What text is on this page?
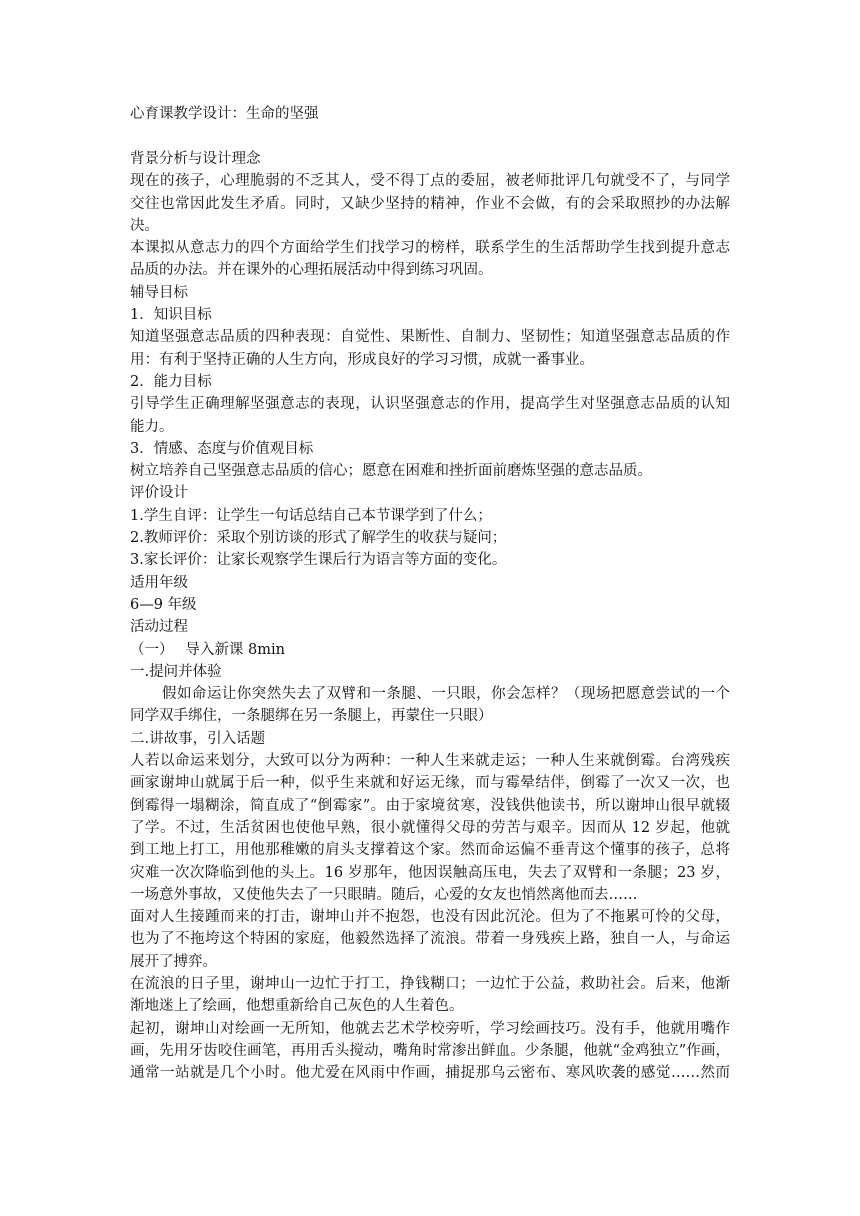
心育课教学设计：生命的坚强
背景分析与设计理念
现在的孩子，心理脆弱的不乏其人，受不得丁点的委屈，被老师批评几句就受不了，与同学
交往也常因此发生矛盾。同时，又缺少坚持的精神，作业不会做，有的会采取照抄的办法解
决。
本课拟从意志力的四个方面给学生们找学习的榜样，联系学生的生活帮助学生找到提升意志
品质的办法。并在课外的心理拓展活动中得到练习巩固。
辅导目标
1．知识目标
知道坚强意志品质的四种表现：自觉性、果断性、自制力、坚韧性；知道坚强意志品质的作
用：有利于坚持正确的人生方向，形成良好的学习习惯，成就一番事业。
2．能力目标
引导学生正确理解坚强意志的表现，认识坚强意志的作用，提高学生对坚强意志品质的认知
能力。
3．情感、态度与价值观目标
树立培养自己坚强意志品质的信心；愿意在困难和挫折面前磨炼坚强的意志品质。
评价设计
1.学生自评：让学生一句话总结自己本节课学到了什么；
2.教师评价：采取个别访谈的形式了解学生的收获与疑问；
3.家长评价：让家长观察学生课后行为语言等方面的变化。
适用年级
6—9 年级
活动过程
（一）　 导入新课 8min
一.提问并体验
假如命运让你突然失去了双臂和一条腿、一只眼，你会怎样？（现场把愿意尝试的一个
同学双手绑住，一条腿绑在另一条腿上，再蒙住一只眼）
二.讲故事，引入话题
人若以命运来划分，大致可以分为两种：一种人生来就走运；一种人生来就倒霉。台湾残疾
画家谢坤山就属于后一种，似乎生来就和好运无缘，而与霉晕结伴，倒霉了一次又一次，也
倒霉得一塌糊涂，简直成了“倒霉家”。由于家境贫寒，没钱供他读书，所以谢坤山很早就辍
了学。不过，生活贫困也使他早熟，很小就懂得父母的劳苦与艰辛。因而从 12 岁起，他就
到工地上打工，用他那稚嫩的肩头支撑着这个家。然而命运偏不垂青这个懂事的孩子，总将
灾难一次次降临到他的头上。16 岁那年，他因误触高压电，失去了双臂和一条腿；23 岁，
一场意外事故，又使他失去了一只眼睛。随后，心爱的女友也悄然离他而去……
面对人生接踵而来的打击，谢坤山并不抱怨，也没有因此沉沦。但为了不拖累可怜的父母，
也为了不拖垮这个特困的家庭，他毅然选择了流浪。带着一身残疾上路，独自一人，与命运
展开了搏弈。
在流浪的日子里，谢坤山一边忙于打工，挣钱糊口；一边忙于公益，救助社会。后来，他渐
渐地迷上了绘画，他想重新给自己灰色的人生着色。
起初，谢坤山对绘画一无所知，他就去艺术学校旁听，学习绘画技巧。没有手，他就用嘴作
画，先用牙齿咬住画笔，再用舌头搅动，嘴角时常渗出鲜血。少条腿，他就“金鸡独立”作画，
通常一站就是几个小时。他尤爱在风雨中作画，捕捉那乌云密布、寒风吹袭的感觉……然而
